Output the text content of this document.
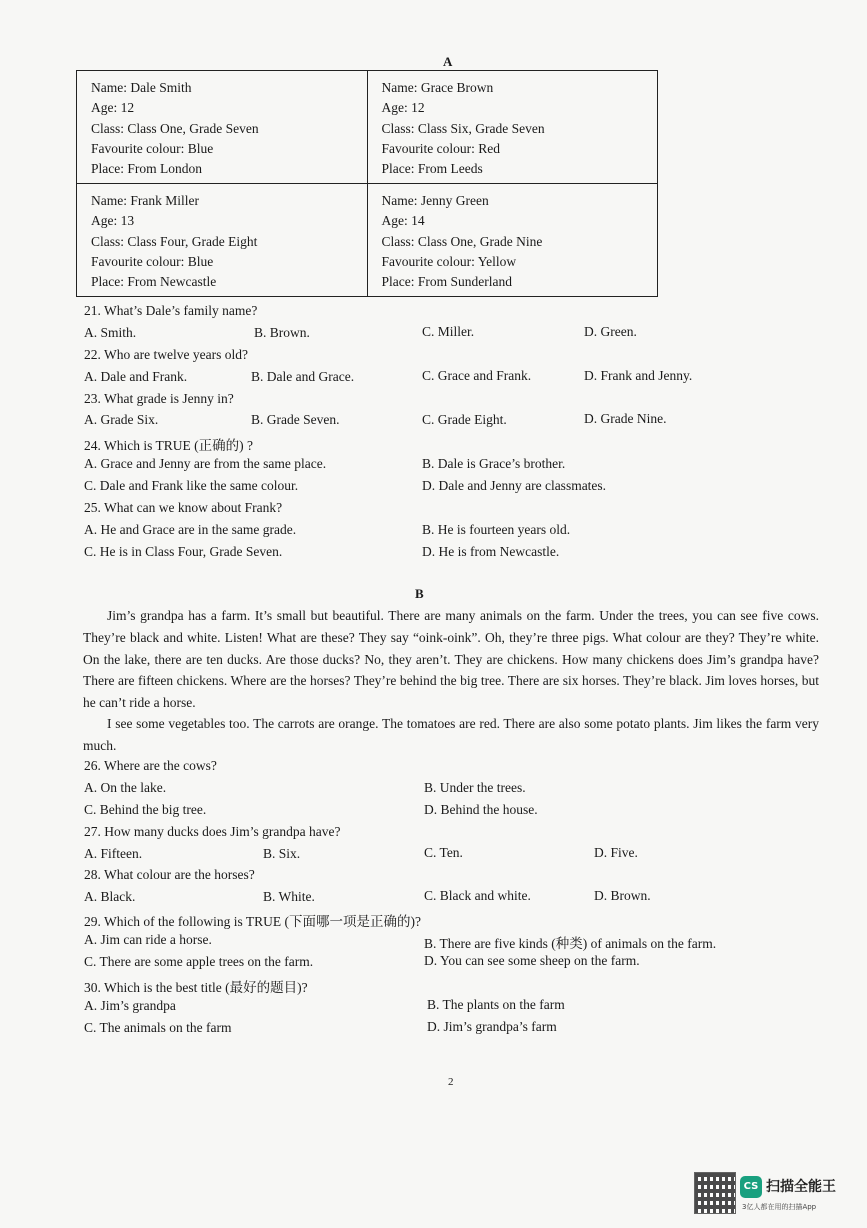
A
Name: Dale Smith
Age: 12
Class: Class One, Grade Seven
Favourite colour: Blue
Place: From London	Name: Grace Brown
Age: 12
Class: Class Six, Grade Seven
Favourite colour: Red
Place: From Leeds

Name: Frank Miller
Age: 13
Class: Class Four, Grade Eight
Favourite colour: Blue
Place: From Newcastle	Name: Jenny Green
Age: 14
Class: Class One, Grade Nine
Favourite colour: Yellow
Place: From Sunderland
21. What’s Dale’s family name?
A. Smith.	B. Brown.	C. Miller.	D. Green.
22. Who are twelve years old?
A. Dale and Frank.	B. Dale and Grace.	C. Grace and Frank.	D. Frank and Jenny.
23. What grade is Jenny in?
A. Grade Six.	B. Grade Seven.	C. Grade Eight.	D. Grade Nine.
24. Which is TRUE (正确的) ?
A. Grace and Jenny are from the same place.	B. Dale is Grace’s brother.
C. Dale and Frank like the same colour.	D. Dale and Jenny are classmates.
25. What can we know about Frank?
A. He and Grace are in the same grade.	B. He is fourteen years old.
C. He is in Class Four, Grade Seven.	D. He is from Newcastle.
B
Jim’s grandpa has a farm. It’s small but beautiful. There are many animals on the farm. Under the trees, you can see five cows. They’re black and white. Listen! What are these? They say “oink-oink”. Oh, they’re three pigs. What colour are they? They’re white. On the lake, there are ten ducks. Are those ducks? No, they aren’t. They are chickens. How many chickens does Jim’s grandpa have? There are fifteen chickens. Where are the horses? They’re behind the big tree. There are six horses. They’re black. Jim loves horses, but he can’t ride a horse.
I see some vegetables too. The carrots are orange. The tomatoes are red. There are also some potato plants. Jim likes the farm very much.
26. Where are the cows?
A. On the lake.	B. Under the trees.
C. Behind the big tree.	D. Behind the house.
27. How many ducks does Jim’s grandpa have?
A. Fifteen.	B. Six.	C. Ten.	D. Five.
28. What colour are the horses?
A. Black.	B. White.	C. Black and white.	D. Brown.
29. Which of the following is TRUE (下面哪一项是正确的)?
A. Jim can ride a horse.	B. There are five kinds (种类) of animals on the farm.
C. There are some apple trees on the farm.	D. You can see some sheep on the farm.
30. Which is the best title (最好的题目)?
A. Jim’s grandpa	B. The plants on the farm
C. The animals on the farm	D. Jim’s grandpa’s farm
2
CS 扫描全能王
3亿人都在用的扫描App
